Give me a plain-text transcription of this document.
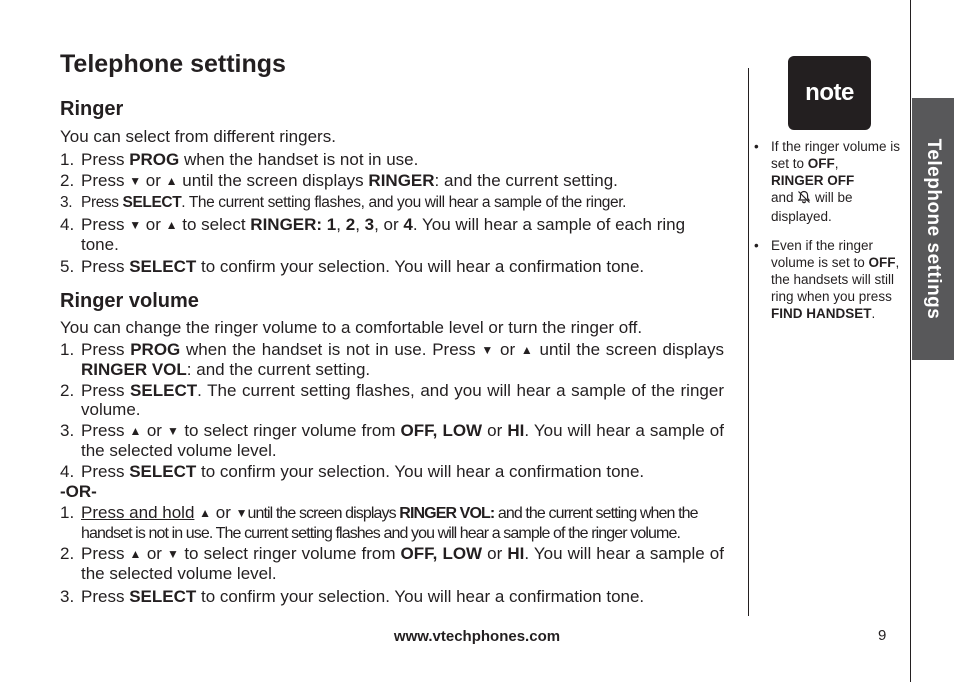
Telephone settings
Telephone settings
Ringer

You can select from different ringers.

1. Press PROG when the handset is not in use.
2. Press ▼ or ▲ until the screen displays RINGER: and the current setting.
3. Press SELECT. The current setting flashes, and you will hear a sample of the ringer.
4. Press ▼ or ▲ to select RINGER: 1, 2, 3, or 4. You will hear a sample of each ring tone.
5. Press SELECT to confirm your selection. You will hear a confirmation tone.
Ringer volume

You can change the ringer volume to a comfortable level or turn the ringer off.

1. Press PROG when the handset is not in use. Press ▼ or ▲ until the screen displays RINGER VOL: and the current setting.
2. Press SELECT. The current setting flashes, and you will hear a sample of the ringer volume.
3. Press ▲ or ▼ to select ringer volume from OFF, LOW or HI. You will hear a sample of the selected volume level.
4. Press SELECT to confirm your selection. You will hear a confirmation tone.

-OR-

1. Press and hold ▲ or ▼until the screen displays RINGER VOL: and the current setting when the handset is not in use. The current setting flashes and you will hear a sample of the ringer volume.
2. Press ▲ or ▼ to select ringer volume from OFF, LOW or HI. You will hear a sample of the selected volume level.
3. Press SELECT to confirm your selection. You will hear a confirmation tone.
note
• If the ringer volume is set to OFF,
RINGER OFF
and  will be displayed.
• Even if the ringer volume is set to OFF, the handsets will still ring when you press
FIND HANDSET.
www.vtechphones.com	9
